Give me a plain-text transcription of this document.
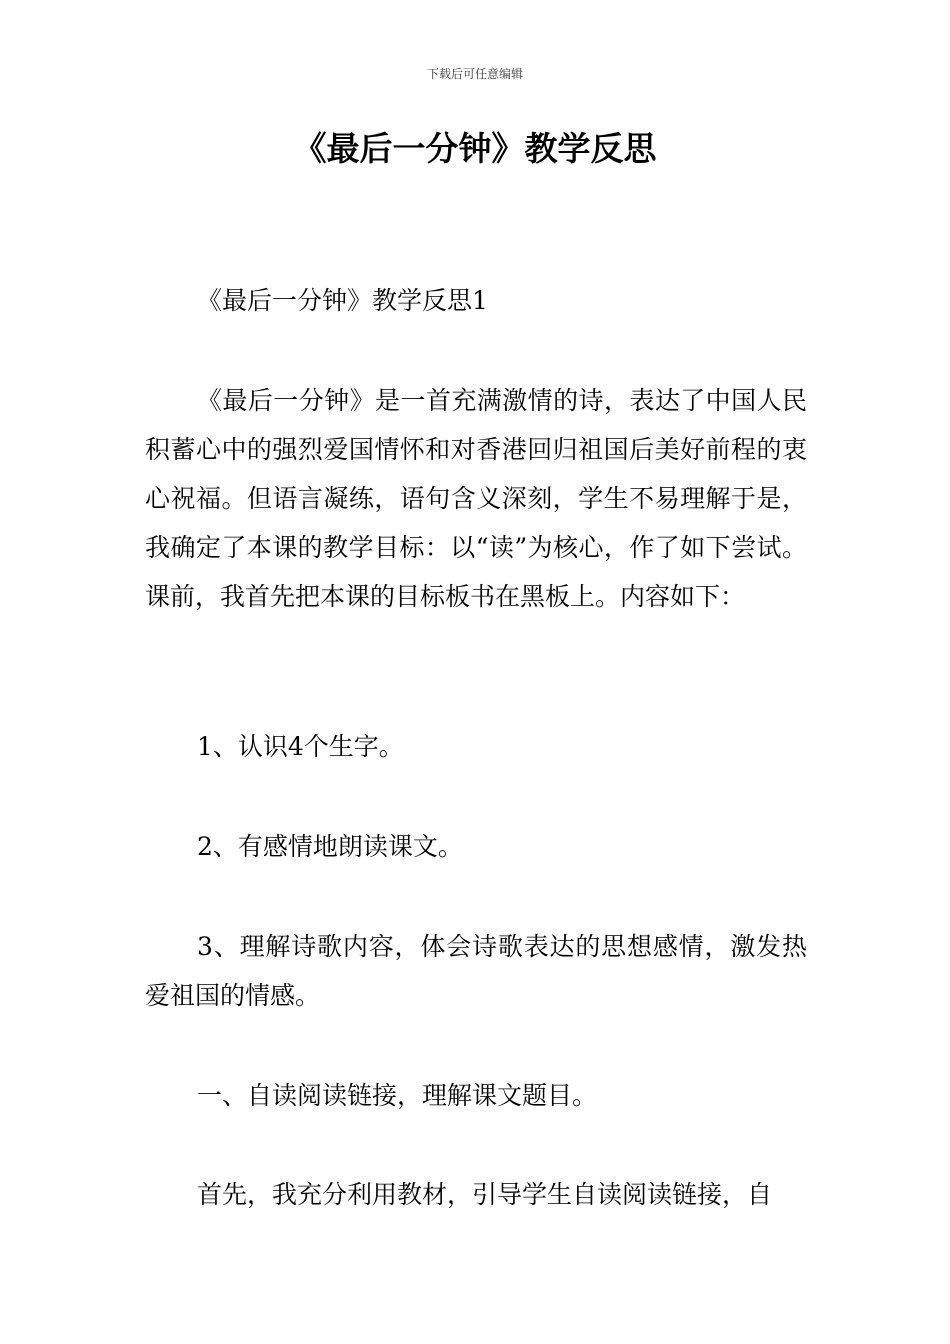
下载后可任意编辑
《最后一分钟》教学反思

《最后一分钟》教学反思1

《最后一分钟》是一首充满激情的诗，表达了中国人民积蓄心中的强烈爱国情怀和对香港回归祖国后美好前程的衷心祝福。但语言凝练，语句含义深刻，学生不易理解于是，我确定了本课的教学目标：以“读”为核心，作了如下尝试。课前，我首先把本课的目标板书在黑板上。内容如下：

1、认识4个生字。

2、有感情地朗读课文。

3、理解诗歌内容，体会诗歌表达的思想感情，激发热爱祖国的情感。

一、自读阅读链接，理解课文题目。

首先，我充分利用教材，引导学生自读阅读链接，自
